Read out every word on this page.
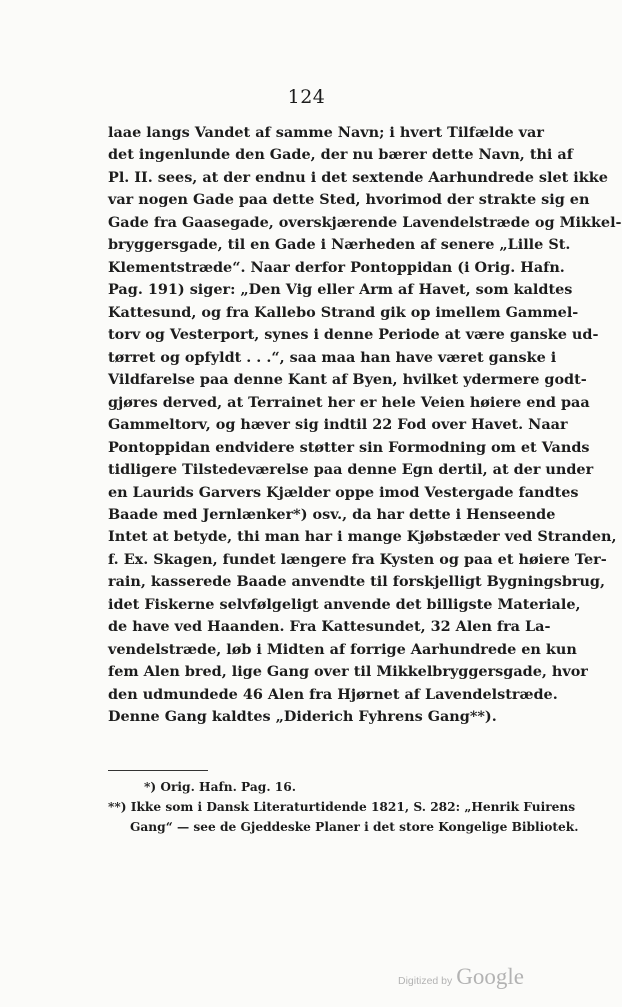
124
laae langs Vandet af samme Navn; i hvert Tilfælde var
det ingenlunde den Gade, der nu bærer dette Navn, thi af
Pl. II. sees, at der endnu i det sextende Aarhundrede slet ikke
var nogen Gade paa dette Sted, hvorimod der strakte sig en
Gade fra Gaasegade, overskjærende Lavendelstræde og Mikkel-
bryggersgade, til en Gade i Nærheden af senere „Lille St.
Klementstræde“. Naar derfor Pontoppidan (i Orig. Hafn.
Pag. 191) siger: „Den Vig eller Arm af Havet, som kaldtes
Kattesund, og fra Kallebo Strand gik op imellem Gammel-
torv og Vesterport, synes i denne Periode at være ganske ud-
tørret og opfyldt . . .“, saa maa han have været ganske i
Vildfarelse paa denne Kant af Byen, hvilket ydermere godt-
gjøres derved, at Terrainet her er hele Veien høiere end paa
Gammeltorv, og hæver sig indtil 22 Fod over Havet. Naar
Pontoppidan endvidere støtter sin Formodning om et Vands
tidligere Tilstedeværelse paa denne Egn dertil, at der under
en Laurids Garvers Kjælder oppe imod Vestergade fandtes
Baade med Jernlænker*) osv., da har dette i Henseende
Intet at betyde, thi man har i mange Kjøbstæder ved Stranden,
f. Ex. Skagen, fundet længere fra Kysten og paa et høiere Ter-
rain, kasserede Baade anvendte til forskjelligt Bygningsbrug,
idet Fiskerne selvfølgeligt anvende det billigste Materiale,
de have ved Haanden. Fra Kattesundet, 32 Alen fra La-
vendelstræde, løb i Midten af forrige Aarhundrede en kun
fem Alen bred, lige Gang over til Mikkelbryggersgade, hvor
den udmundede 46 Alen fra Hjørnet af Lavendelstræde.
Denne Gang kaldtes „Diderich Fyhrens Gang**).
*) Orig. Hafn. Pag. 16.
**) Ikke som i Dansk Literaturtidende 1821, S. 282: „Henrik Fuirens
Gang“ — see de Gjeddeske Planer i det store Kongelige Bibliotek.
Digitized by Google
